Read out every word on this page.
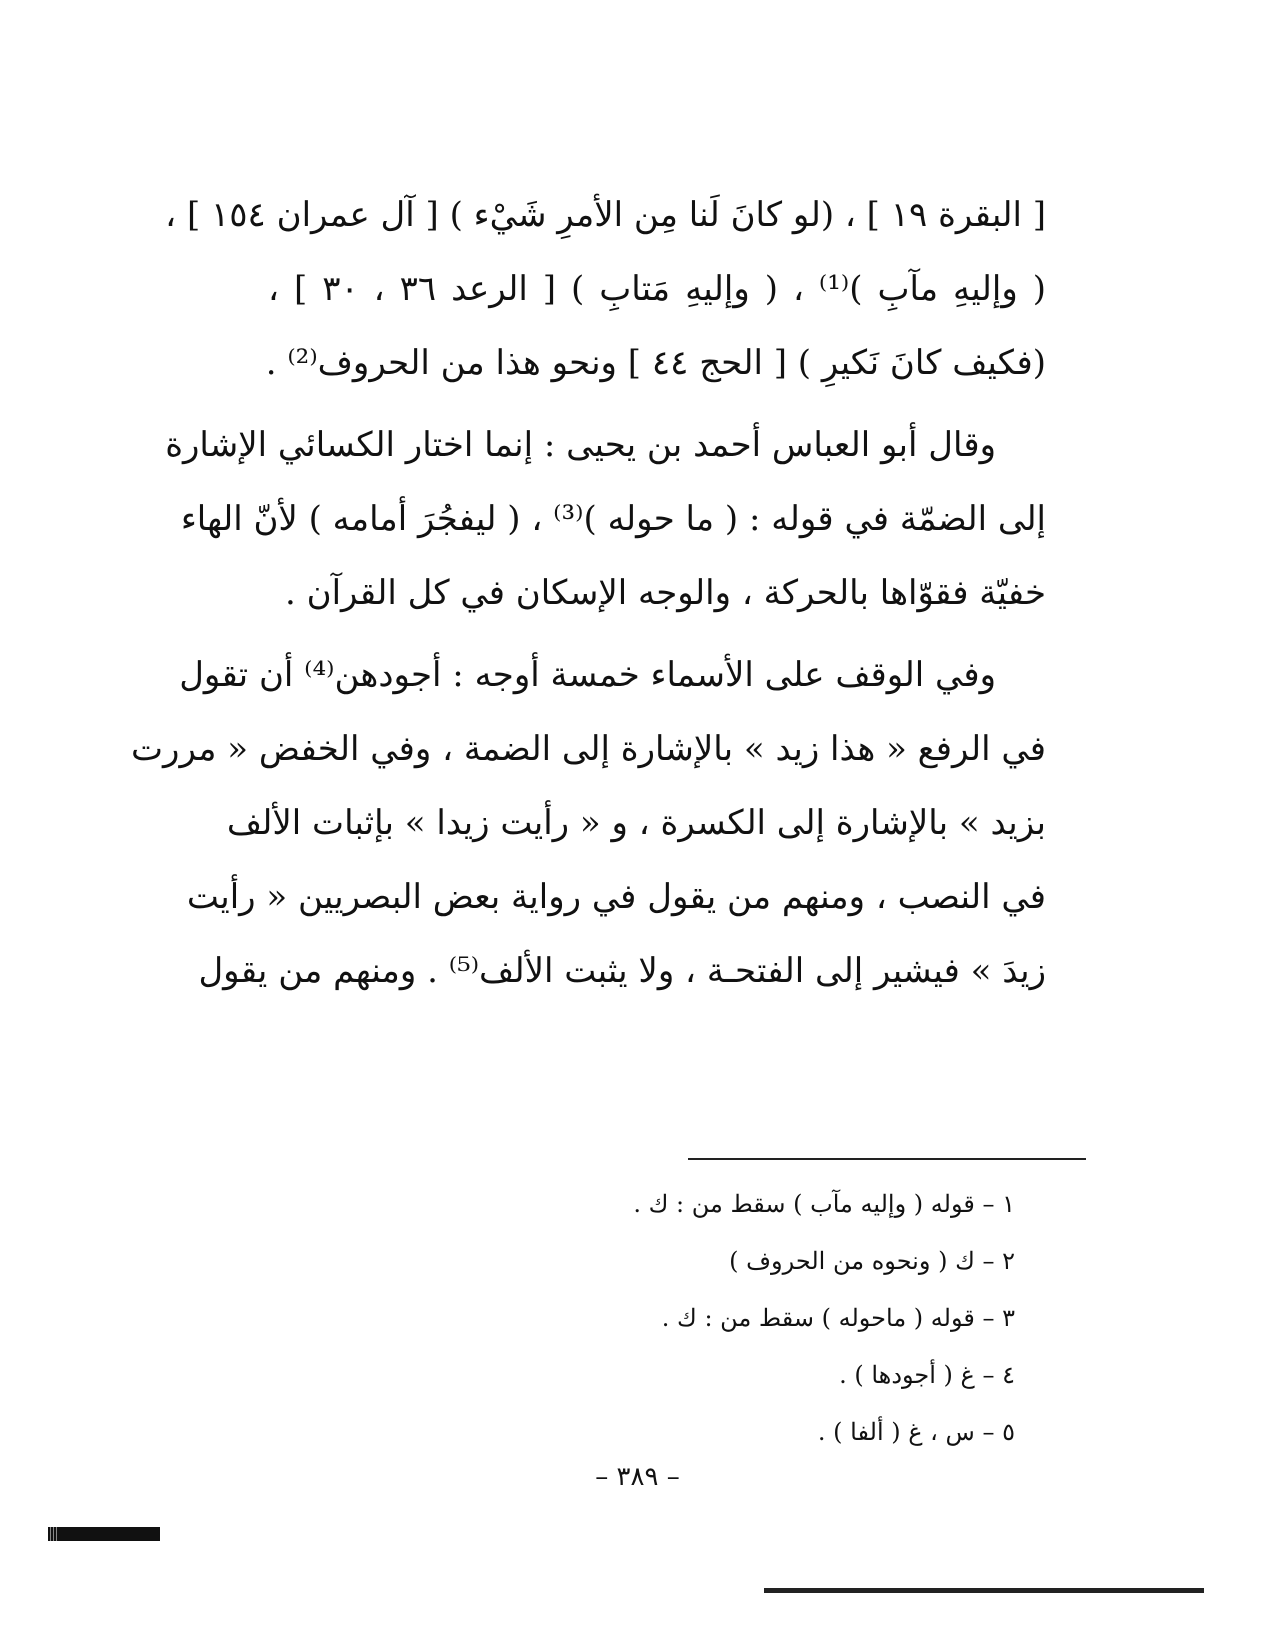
[ البقرة ١٩ ] ، (لو كانَ لَنا مِن الأمرِ شَيْء ) [ آل عمران ١٥٤ ] ،
( وإليهِ مآبِ )⁽¹⁾ ، ( وإليهِ مَتابِ ) [ الرعد ٣٦ ، ٣٠ ] ،
(فكيف كانَ نَكيرِ ) [ الحج ٤٤ ] ونحو هذا من الحروف⁽²⁾ .
وقال أبو العباس أحمد بن يحيى : إنما اختار الكسائي الإشارة
إلى الضمّة في قوله : ( ما حوله )⁽³⁾ ، ( ليفجُرَ أمامه ) لأنّ الهاء
خفيّة فقوّاها بالحركة ، والوجه الإسكان في كل القرآن .
وفي الوقف على الأسماء خمسة أوجه : أجودهن⁽⁴⁾ أن تقول
في الرفع « هذا زيد » بالإشارة إلى الضمة ، وفي الخفض « مررت
بزيد » بالإشارة إلى الكسرة ، و « رأيت زيدا » بإثبات الألف
في النصب ، ومنهم من يقول في رواية بعض البصريين « رأيت
زيدَ » فيشير إلى الفتحـة ، ولا يثبت الألف⁽⁵⁾ . ومنهم من يقول
١ – قوله ( وإليه مآب ) سقط من : ك .
٢ – ك ( ونحوه من الحروف )
٣ – قوله ( ماحوله ) سقط من : ك .
٤ – غ ( أجودها ) .
٥ – س ، غ ( ألفا ) .
– ٣٨٩ –
